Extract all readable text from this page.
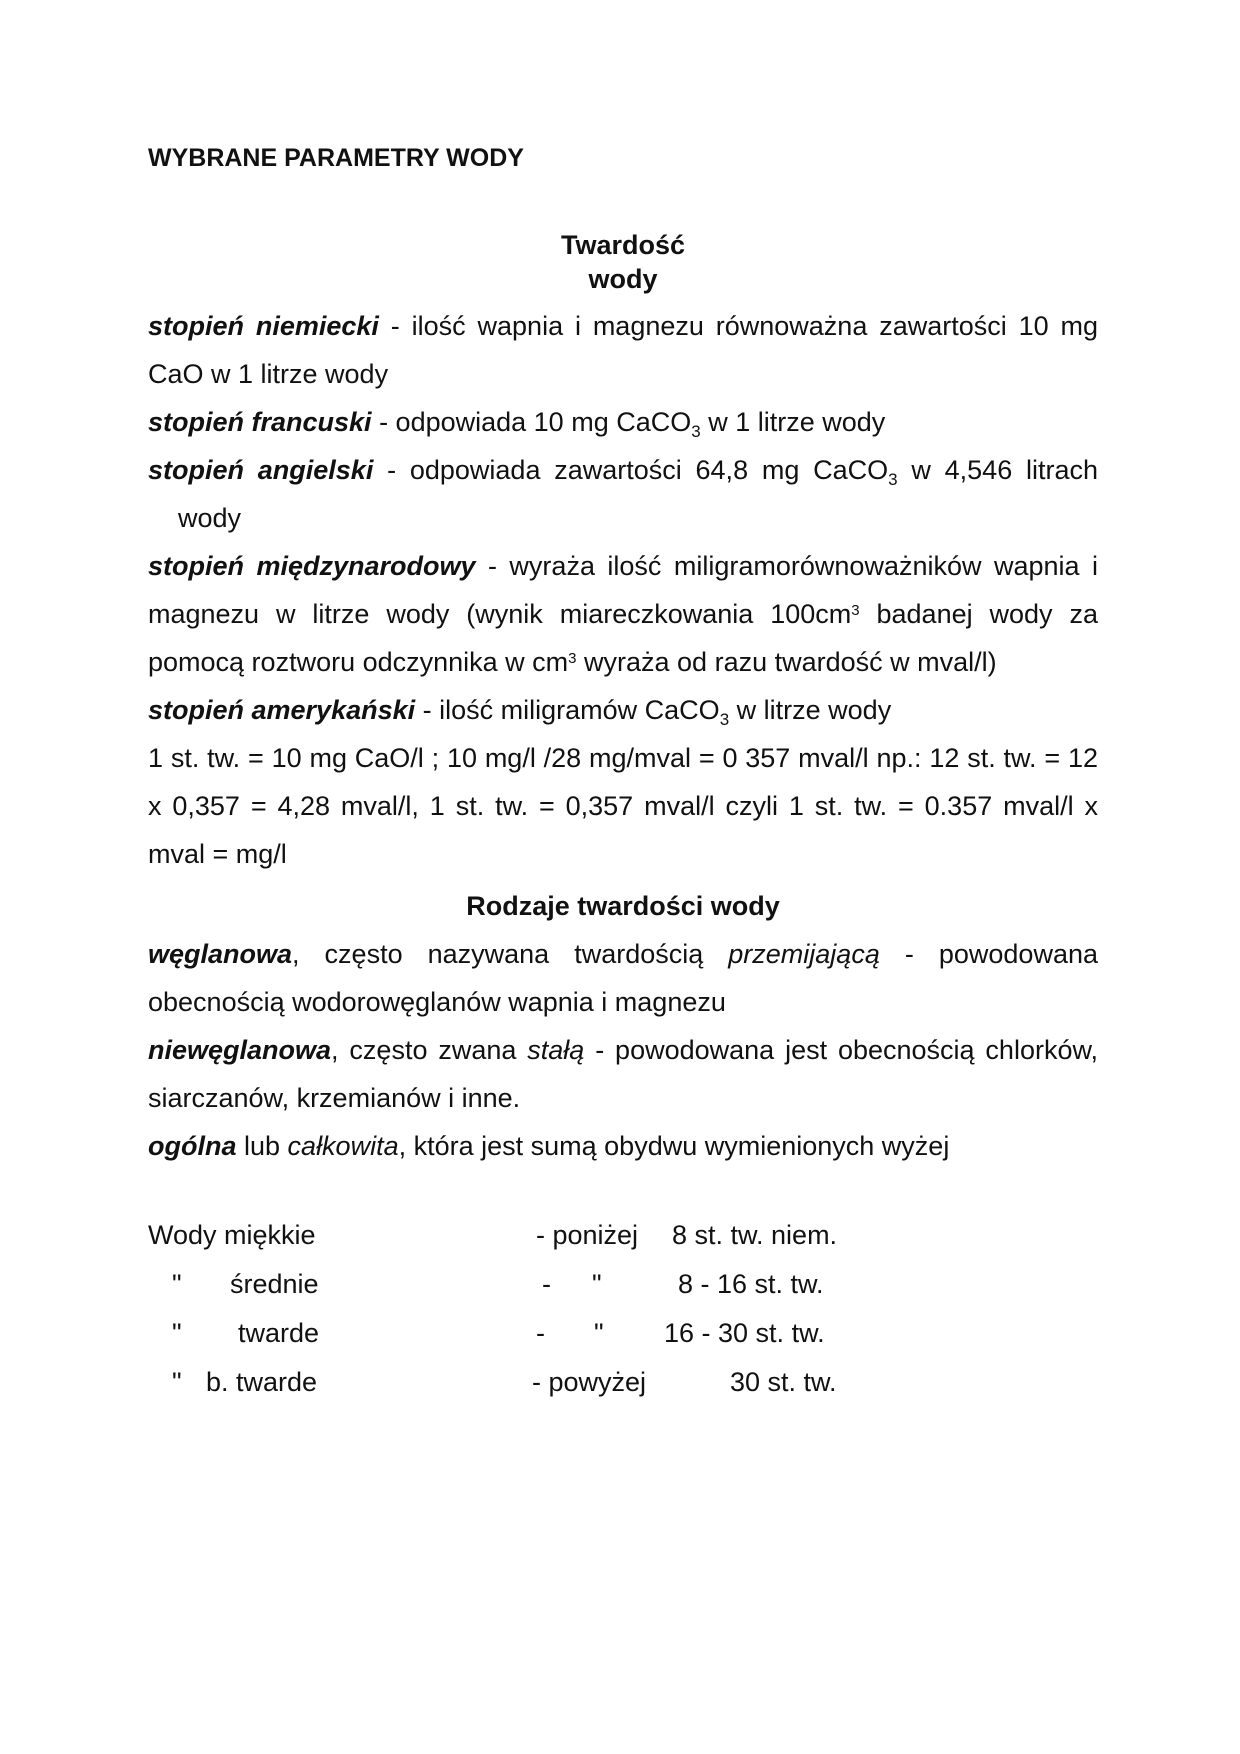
WYBRANE PARAMETRY WODY

Twardość
wody

stopień niemiecki - ilość wapnia i magnezu równoważna zawartości 10 mg CaO w 1 litrze wody

stopień francuski - odpowiada 10 mg CaCO$_3$ w 1 litrze wody

stopień angielski - odpowiada zawartości 64,8 mg CaCO$_3$ w 4,546 litrach wody

stopień międzynarodowy - wyraża ilość miligramorównoważników wapnia i magnezu w litrze wody (wynik miareczkowania $100cm^3$ badanej wody za pomocą roztworu odczynnika w $cm^3$ wyraża od razu twardość w mval/l)

stopień amerykański - ilość miligramów CaCO$_3$ w litrze wody

1 st. tw. = 10 mg CaO/l ; 10 mg/l /28 mg/mval = 0 357 mval/l np.: 12 st. tw. = 12 x 0,357 = 4,28 mval/l, 1 st. tw. = 0,357 mval/l czyli 1 st. tw. = 0.357 mval/l x mval = mg/l

Rodzaje twardości wody

węglanowa, często nazywana twardością przemijającą - powodowana obecnością wodorowęglanów wapnia i magnezu

niewęglanowa, często zwana stałą - powodowana jest obecnością chlorków, siarczanów, krzemianów i inne.

ogólna lub całkowita, która jest sumą obydwu wymienionych wyżej

Wody miękkie	- poniżej 8 st. tw. niem.
" średnie	- "	8 - 16 st. tw.
" twarde	- " 16 - 30 st. tw.
" b. twarde	- powyżej	30 st. tw.
